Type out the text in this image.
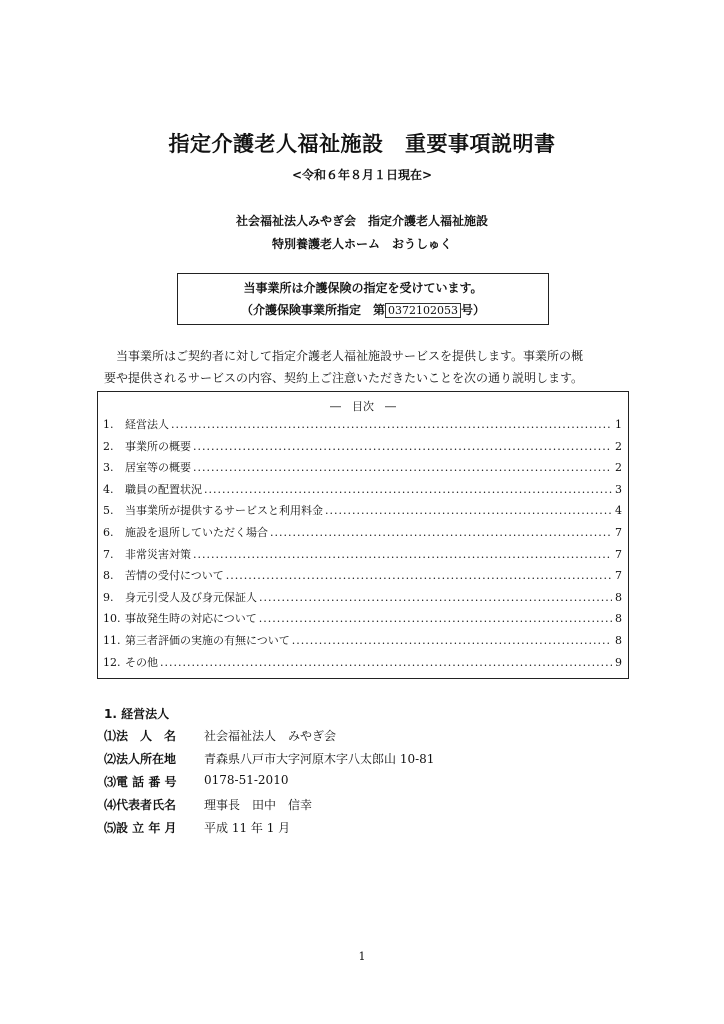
指定介護老人福祉施設　重要事項説明書
<令和６年８月１日現在>
社会福祉法人みやぎ会　指定介護老人福祉施設
特別養護老人ホーム　おうしゅく
当事業所は介護保険の指定を受けています。
（介護保険事業所指定　第 0372102053 号）
当事業所はご契約者に対して指定介護老人福祉施設サービスを提供します。事業所の概
要や提供されるサービスの内容、契約上ご注意いただきたいことを次の通り説明します。
―　目次　―
1.	経営法人 .....	1
2.	事業所の概要 .....	2
3.	居室等の概要 .....	2
4.	職員の配置状況 .....	3
5.	当事業所が提供するサービスと利用料金 .....	4
6.	施設を退所していただく場合 .....	7
7.	非常災害対策 .....	7
8.	苦情の受付について .....	7
9.	身元引受人及び身元保証人 .....	8
10. 事故発生時の対応について .....	8
11. 第三者評価の実施の有無について .....	8
12. その他 .....	9
1. 経営法人
⑴法　人　名	社会福祉法人　みやぎ会
⑵法人所在地	青森県八戸市大字河原木字八太郎山 10-81
⑶電 話 番 号	0178-51-2010
⑷代表者氏名	理事長　田中　信幸
⑸設 立 年 月	平成 11 年 1 月
1
